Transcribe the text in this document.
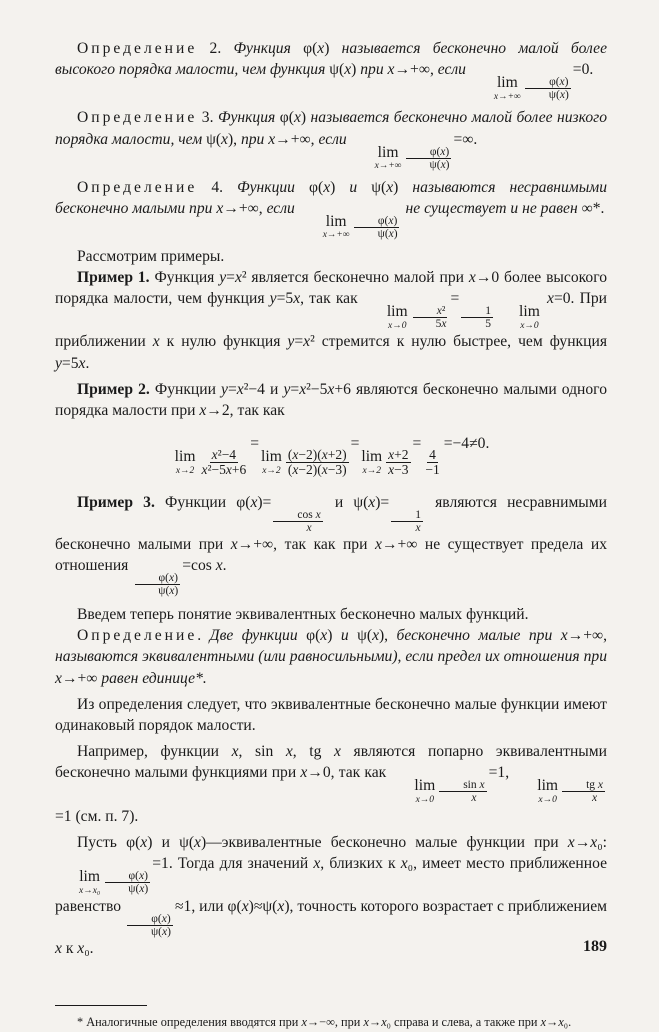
Определение 2. Функция φ(x) называется бесконечно малой более высокого порядка малости, чем функция ψ(x) при x→+∞, если
lim
$x\to+\infty \frac{\varphi(x)}{\psi(x)}$
=0.

Определение 3. Функция φ(x) называется бесконечно малой более низкого порядка малости, чем ψ(x), при x→+∞, если
lim
$x\to+\infty \frac{\varphi(x)}{\psi(x)}$
=∞.

Определение 4. Функции φ(x) и ψ(x) называются несравнимыми бесконечно малыми при x→+∞, если
lim
$x\to+\infty \frac{\varphi(x)}{\psi(x)}$
не существует и не равен ∞*.

Рассмотрим примеры.

Пример 1. Функция y=x² является бесконечно малой при x→0 более высокого порядка малости, чем функция y=5x, так как
lim
$x\to 0 \frac{\text{x²}}{5x}$
=
$\frac{1}{5}$	lim
x→0
x=0. При приближении x к нулю функция y=x² стремится к нулю быстрее, чем функция y=5x.

Пример 2. Функции y=x²−4 и y=x²−5x+6 являются бесконечно малыми одного порядка малости при x→2, так как

lim
$x\to 2 \frac{\text{x²−4}}{\text{x²−5x+6}}$
=
lim
$x\to 2 \frac{(x-2)(x+2)}{(x-2)(x-3)}$
=
lim
$x\to 2 \frac{x+2}{x-3}$
=
$\frac{4}{-1}$
=−4≠0.

Пример 3. Функции φ(x)=
$\frac{\text{cos x}}{x}$
и ψ(x)=
$\frac{1}{x}$
являются несравнимыми бесконечно малыми при x→+∞, так как при x→+∞ не существует предела их отношения
$\frac{\varphi(x)}{\psi(x)}$
=cos x.

Введем теперь понятие эквивалентных бесконечно малых функций.

Определение. Две функции φ(x) и ψ(x), бесконечно малые при x→+∞, называются эквивалентными (или равносильными), если предел их отношения при x→+∞ равен единице*.

Из определения следует, что эквивалентные бесконечно малые функции имеют одинаковый порядок малости.

Например, функции x, sin x, tg x являются попарно эквивалентными бесконечно малыми функциями при x→0, так как
lim
$x\to 0 \frac{\text{sin x}}{x}$
=1,
lim
$x\to 0 \frac{\text{tg x}}{x}$
=1 (см. п. 7).

Пусть φ(x) и ψ(x)—эквивалентные бесконечно малые функции при x→x₀:
lim
$x\to x_0 \frac{\varphi(x)}{\psi(x)}$
=1. Тогда для значений x, близких к x₀, имеет место приближенное равенство
$\frac{\varphi(x)}{\psi(x)}$
≈1, или φ(x)≈ψ(x), точность которого возрастает с приближением x к x₀.

* Аналогичные определения вводятся при x→−∞, при x→x₀ справа и слева, а также при x→x₀.

189
